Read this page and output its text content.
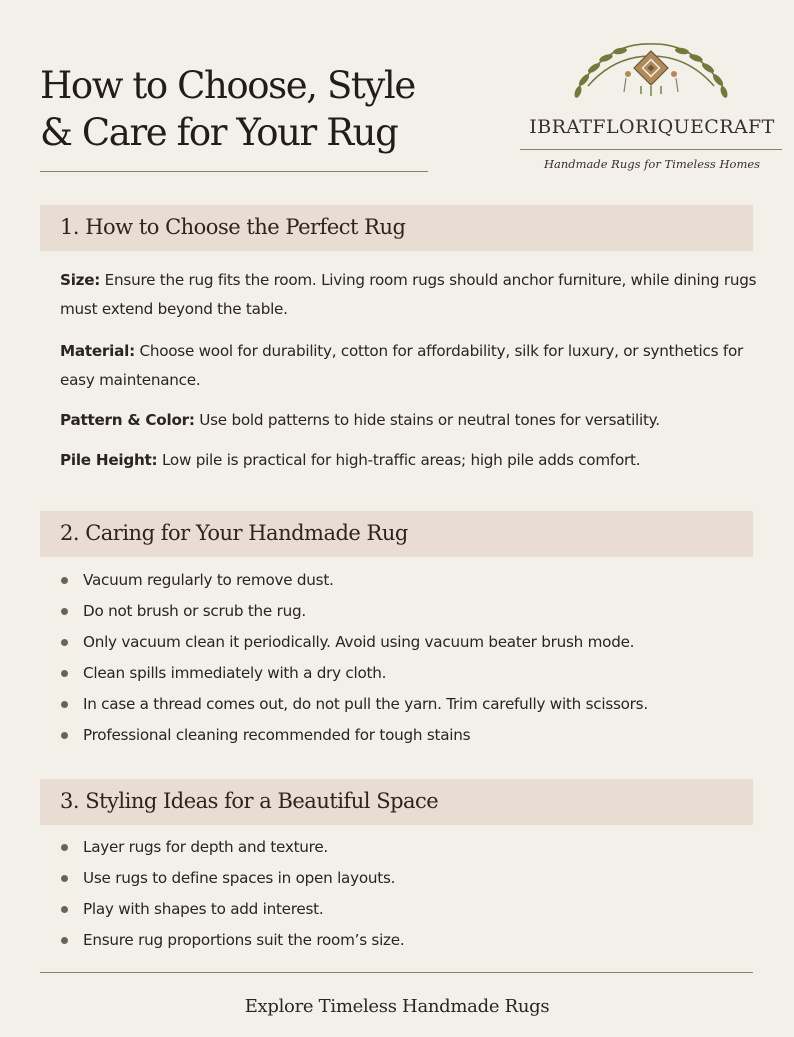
How to Choose, Style
& Care for Your Rug	IBRATFLORIQUECRAFT
Handmade Rugs for Timeless Homes
1. How to Choose the Perfect Rug

Size: Ensure the rug fits the room. Living room rugs should anchor furniture, while dining rugs must extend beyond the table.

Material: Choose wool for durability, cotton for affordability, silk for luxury, or synthetics for easy maintenance.

Pattern & Color: Use bold patterns to hide stains or neutral tones for versatility.

Pile Height: Low pile is practical for high-traffic areas; high pile adds comfort.

2. Caring for Your Handmade Rug
Vacuum regularly to remove dust.
Do not brush or scrub the rug.
Only vacuum clean it periodically. Avoid using vacuum beater brush mode.
Clean spills immediately with a dry cloth.
In case a thread comes out, do not pull the yarn. Trim carefully with scissors.
Professional cleaning recommended for tough stains
3. Styling Ideas for a Beautiful Space
Layer rugs for depth and texture.
Use rugs to define spaces in open layouts.
Play with shapes to add interest.
Ensure rug proportions suit the room’s size.
Explore Timeless Handmade Rugs
